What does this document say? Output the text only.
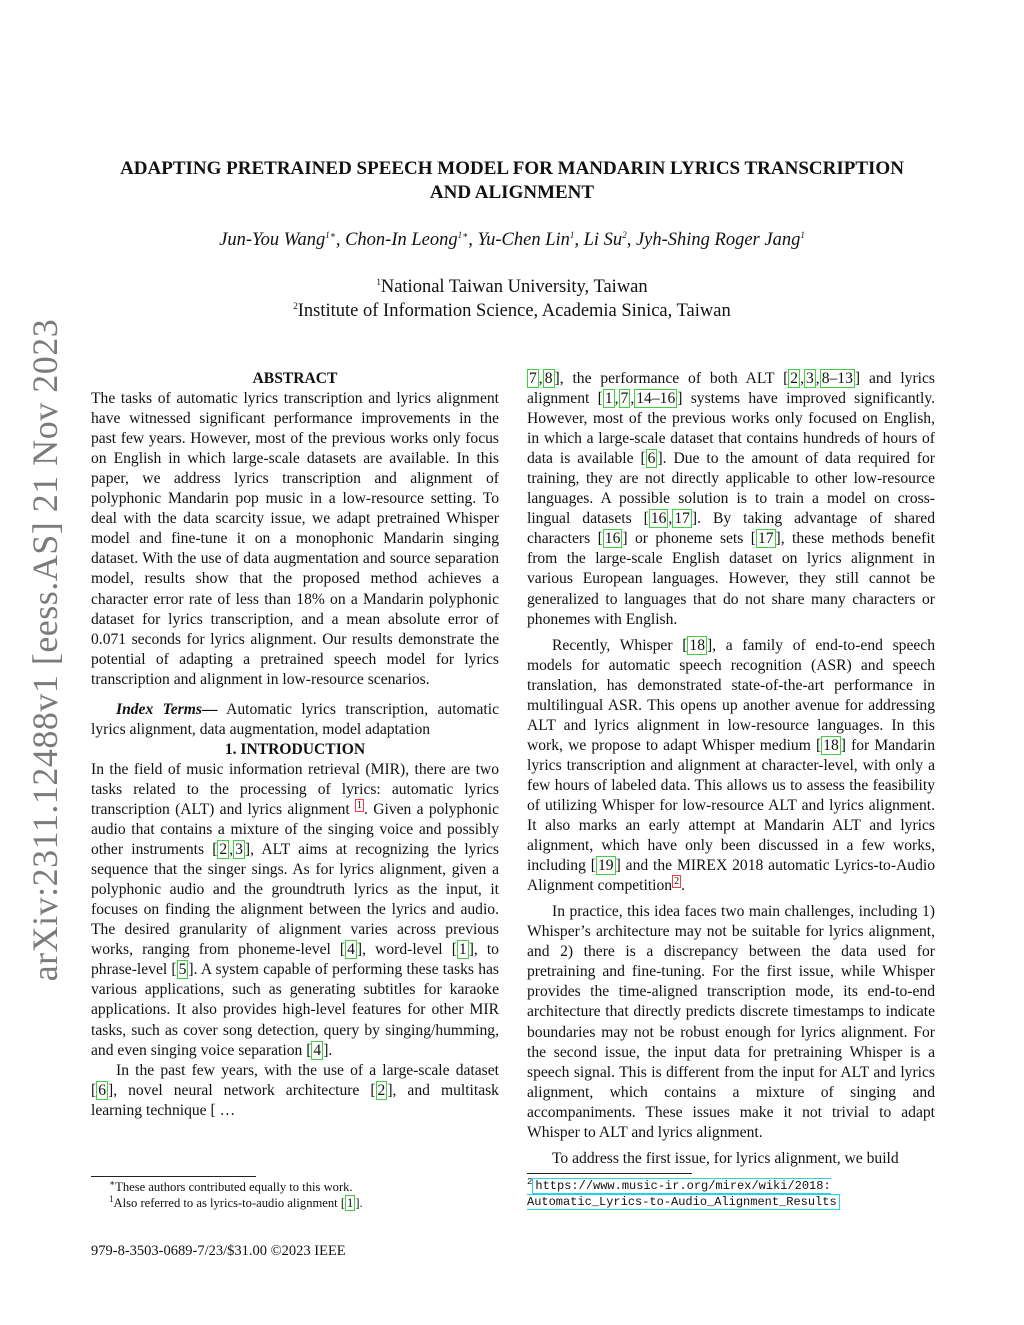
arXiv:2311.12488v1 [eess.AS] 21 Nov 2023
ADAPTING PRETRAINED SPEECH MODEL FOR MANDARIN LYRICS TRANSCRIPTION
AND ALIGNMENT
Jun-You Wang$^{1∗}$, Chon-In Leong$^{1∗}$, Yu-Chen Lin$^1$, Li Su$^2$, Jyh-Shing Roger Jang$^1$
$^1$National Taiwan University, Taiwan
$^2$Institute of Information Science, Academia Sinica, Taiwan

ABSTRACT

The tasks of automatic lyrics transcription and lyrics alignment have witnessed significant performance improvements in the past few years. However, most of the previous works only focus on English in which large-scale datasets are available. In this paper, we address lyrics transcription and alignment of polyphonic Mandarin pop music in a low-resource setting. To deal with the data scarcity issue, we adapt pretrained Whisper model and fine-tune it on a monophonic Mandarin singing dataset. With the use of data augmentation and source separation model, results show that the proposed method achieves a character error rate of less than 18% on a Mandarin polyphonic dataset for lyrics transcription, and a mean absolute error of 0.071 seconds for lyrics alignment. Our results demonstrate the potential of adapting a pretrained speech model for lyrics transcription and alignment in low-resource scenarios.

Index Terms— Automatic lyrics transcription, automatic lyrics alignment, data augmentation, model adaptation

1. INTRODUCTION

In the field of music information retrieval (MIR), there are two tasks related to the processing of lyrics: automatic lyrics transcription (ALT) and lyrics alignment $^1$ . Given a polyphonic audio that contains a mixture of the singing voice and possibly other instruments [ 2 , 3 ], ALT aims at recognizing the lyrics sequence that the singer sings. As for lyrics alignment, given a polyphonic audio and the groundtruth lyrics as the input, it focuses on finding the alignment between the lyrics and audio. The desired granularity of alignment varies across previous works, ranging from phoneme-level [ 4 ], word-level [ 1 ], to phrase-level [ 5 ]. A system capable of performing these tasks has various applications, such as generating subtitles for karaoke applications. It also provides high-level features for other MIR tasks, such as cover song detection, query by singing/humming, and even singing voice separation [ 4 ].

In the past few years, with the use of a large-scale dataset [ 6 ], novel neural network architecture [ 2 ], and multitask learning technique [ …

7 , 8 ], the performance of both ALT [ 2 , 3 , 8–13 ] and lyrics alignment [ 1 , 7 , 14–16 ] systems have improved significantly. However, most of the previous works only focused on English, in which a large-scale dataset that contains hundreds of hours of data is available [ 6 ]. Due to the amount of data required for training, they are not directly applicable to other low-resource languages. A possible solution is to train a model on cross-lingual datasets [ 16 , 17 ]. By taking advantage of shared characters [ 16 ] or phoneme sets [ 17 ], these methods benefit from the large-scale English dataset on lyrics alignment in various European languages. However, they still cannot be generalized to languages that do not share many characters or phonemes with English.

Recently, Whisper [ 18 ], a family of end-to-end speech models for automatic speech recognition (ASR) and speech translation, has demonstrated state-of-the-art performance in multilingual ASR. This opens up another avenue for addressing ALT and lyrics alignment in low-resource languages. In this work, we propose to adapt Whisper medium [ 18 ] for Mandarin lyrics transcription and alignment at character-level, with only a few hours of labeled data. This allows us to assess the feasibility of utilizing Whisper for low-resource ALT and lyrics alignment. It also marks an early attempt at Mandarin ALT and lyrics alignment, which have only been discussed in a few works, including [ 19 ] and the MIREX 2018 automatic Lyrics-to-Audio Alignment competition $^2$ .

In practice, this idea faces two main challenges, including 1) Whisper’s architecture may not be suitable for lyrics alignment, and 2) there is a discrepancy between the data used for pretraining and fine-tuning. For the first issue, while Whisper provides the time-aligned transcription mode, its end-to-end architecture that directly predicts discrete timestamps to indicate boundaries may not be robust enough for lyrics alignment. For the second issue, the input data for pretraining Whisper is a speech signal. This is different from the input for ALT and lyrics alignment, which contains a mixture of singing and accompaniments. These issues make it not trivial to adapt Whisper to ALT and lyrics alignment.

To address the first issue, for lyrics alignment, we build

∗These authors contributed equally to this work.
$^1$Also referred to as lyrics-to-audio alignment [ 1 ].
$^2$ https://www.music-ir.org/mirex/wiki/2018:
Automatic_Lyrics-to-Audio_Alignment_Results
979-8-3503-0689-7/23/$31.00 ©2023 IEEE
